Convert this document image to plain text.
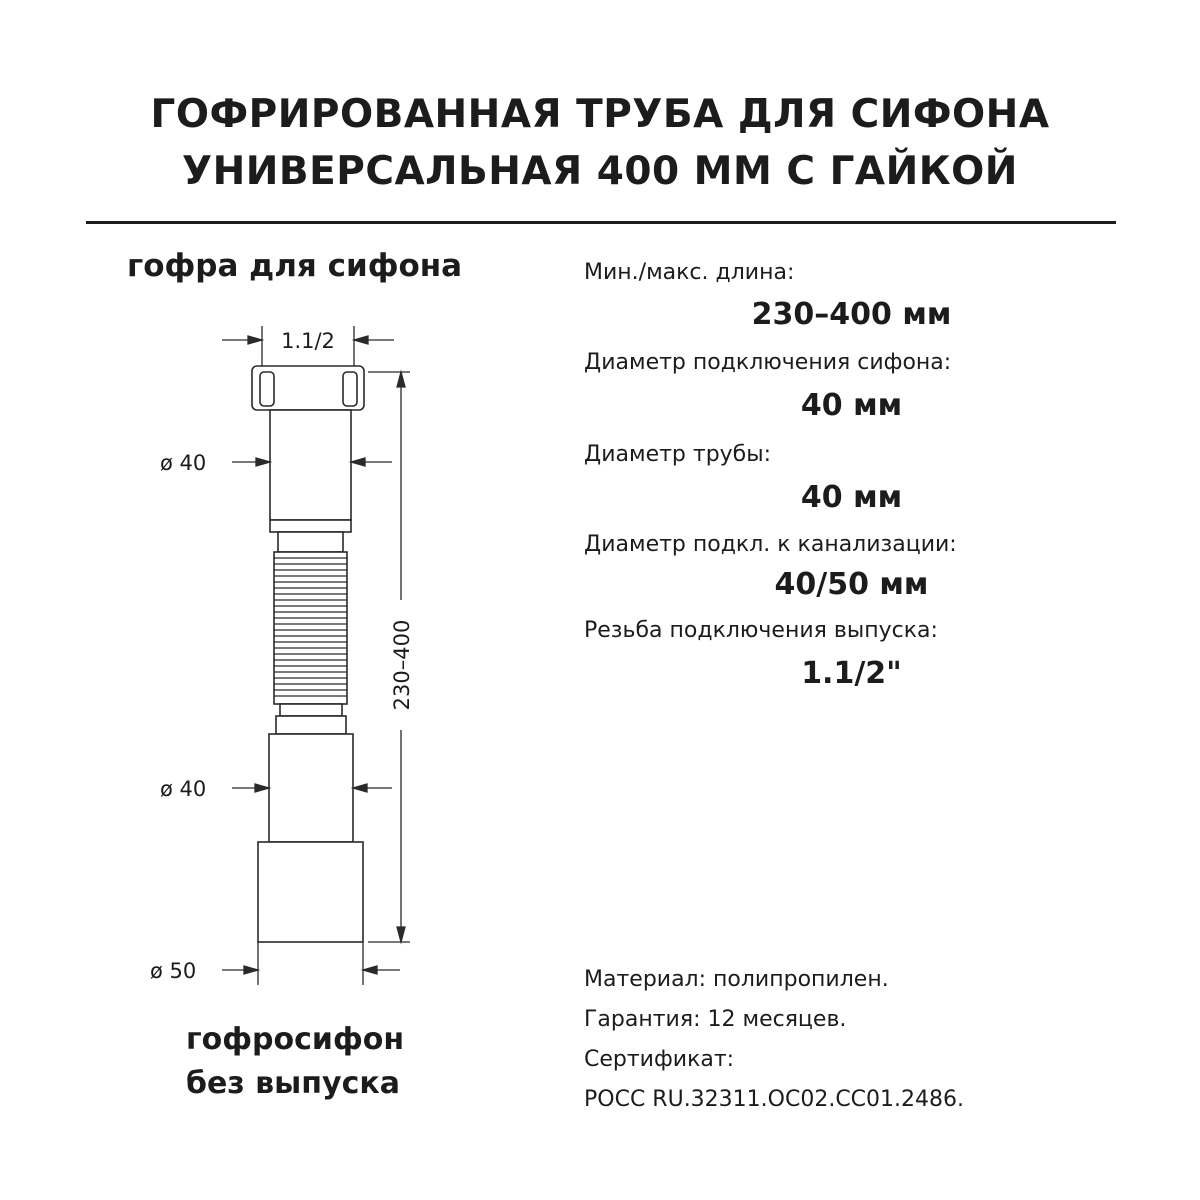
ГОФРИРОВАННАЯ ТРУБА ДЛЯ СИФОНА
УНИВЕРСАЛЬНАЯ 400 ММ С ГАЙКОЙ
гофра для сифона
1.1/2
ø 40
ø 40
ø 50
230–400
гофросифон
без выпуска
Мин./макс. длина:
230–400 мм
Диаметр подключения сифона:
40 мм
Диаметр трубы:
40 мм
Диаметр подкл. к канализации:
40/50 мм
Резьба подключения выпуска:
1.1/2"
Материал: полипропилен.
Гарантия: 12 месяцев.
Сертификат:
РОСС RU.32311.ОС02.СС01.2486.
